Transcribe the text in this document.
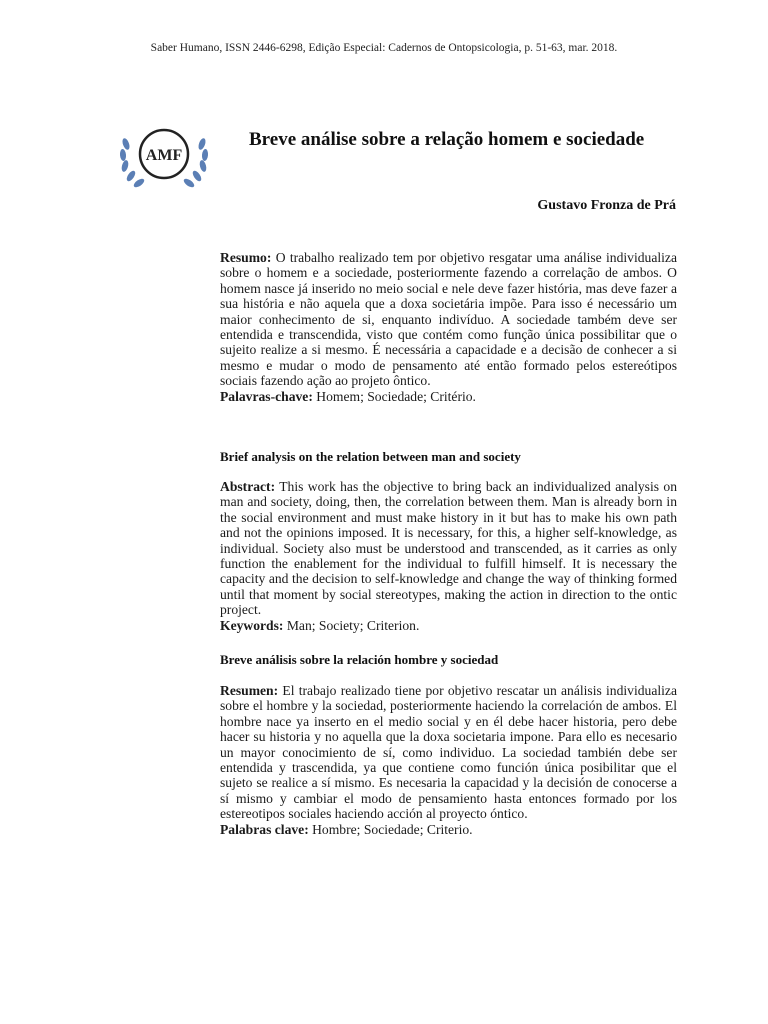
Saber Humano, ISSN 2446-6298, Edição Especial: Cadernos de Ontopsicologia, p. 51-63, mar. 2018.
AMF
Breve análise sobre a relação homem e sociedade
Gustavo Fronza de Prá

Resumo: O trabalho realizado tem por objetivo resgatar uma análise individualiza sobre o homem e a sociedade, posteriormente fazendo a correlação de ambos. O homem nasce já inserido no meio social e nele deve fazer história, mas deve fazer a sua história e não aquela que a doxa societária impõe. Para isso é necessário um maior conhecimento de si, enquanto indivíduo. A sociedade também deve ser entendida e transcendida, visto que contém como função única possibilitar que o sujeito realize a si mesmo. É necessária a capacidade e a decisão de conhecer a si mesmo e mudar o modo de pensamento até então formado pelos estereótipos sociais fazendo ação ao projeto ôntico.

Palavras-chave: Homem; Sociedade; Critério.

Brief analysis on the relation between man and society

Abstract: This work has the objective to bring back an individualized analysis on man and society, doing, then, the correlation between them. Man is already born in the social environment and must make history in it but has to make his own path and not the opinions imposed. It is necessary, for this, a higher self-knowledge, as individual. Society also must be understood and transcended, as it carries as only function the enablement for the individual to fulfill himself. It is necessary the capacity and the decision to self-knowledge and change the way of thinking formed until that moment by social stereotypes, making the action in direction to the ontic project.

Keywords: Man; Society; Criterion.

Breve análisis sobre la relación hombre y sociedad

Resumen: El trabajo realizado tiene por objetivo rescatar un análisis individualiza sobre el hombre y la sociedad, posteriormente haciendo la correlación de ambos. El hombre nace ya inserto en el medio social y en él debe hacer historia, pero debe hacer su historia y no aquella que la doxa societaria impone. Para ello es necesario un mayor conocimiento de sí, como individuo. La sociedad también debe ser entendida y trascendida, ya que contiene como función única posibilitar que el sujeto se realice a sí mismo. Es necesaria la capacidad y la decisión de conocerse a sí mismo y cambiar el modo de pensamiento hasta entonces formado por los estereotipos sociales haciendo acción al proyecto óntico.

Palabras clave: Hombre; Sociedade; Criterio.
